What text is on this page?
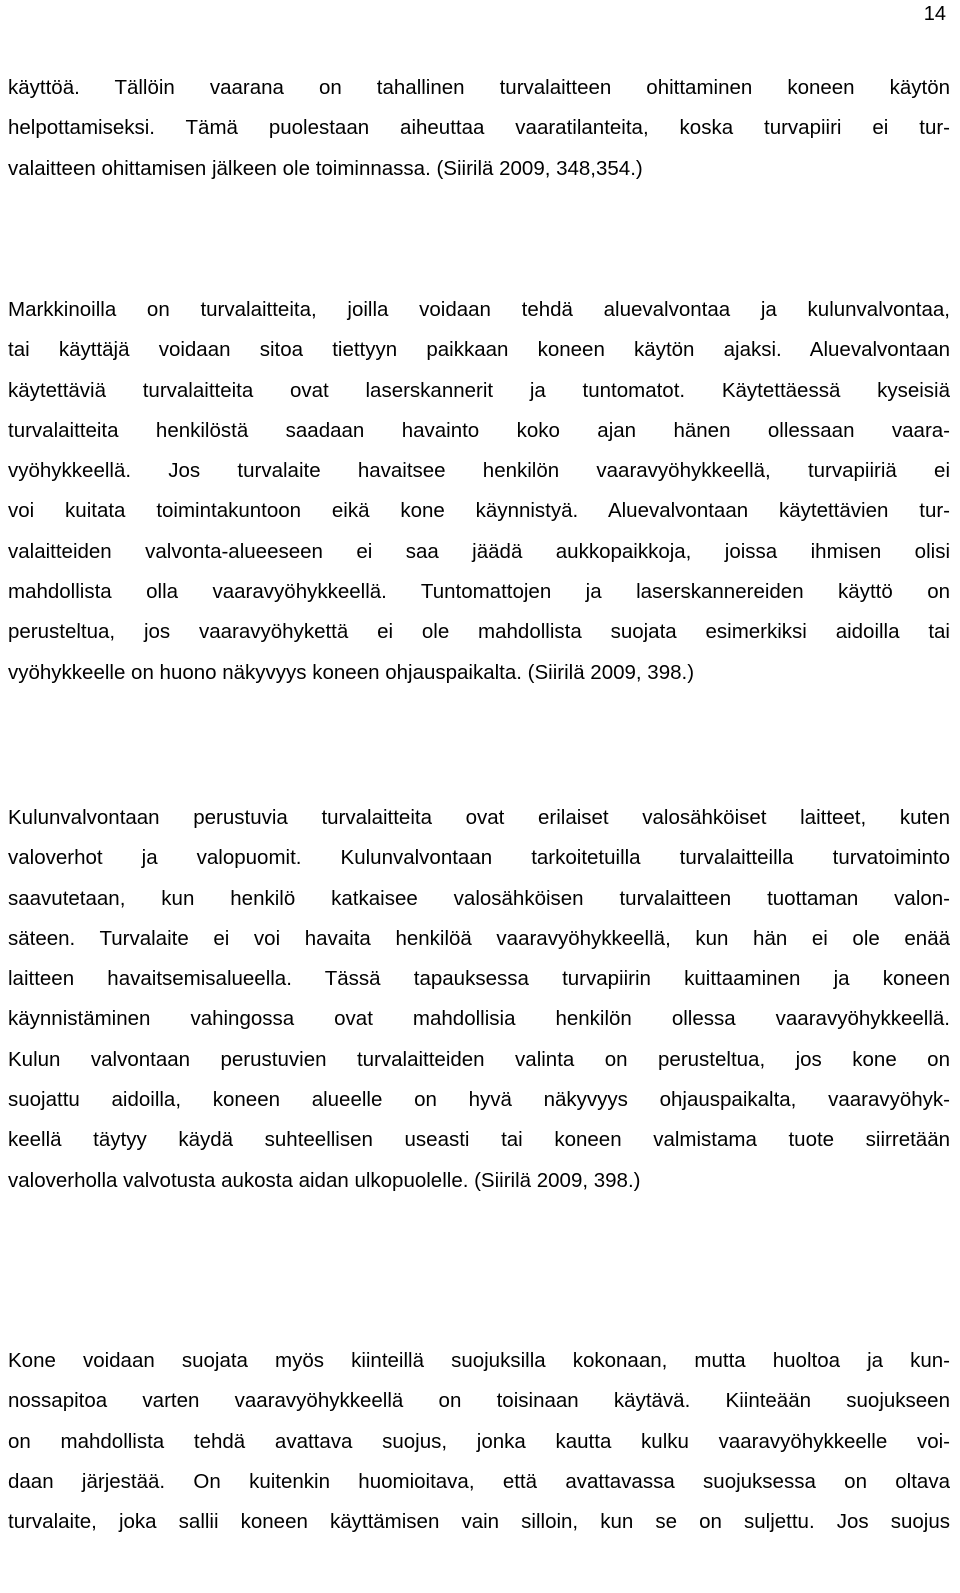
14
käyttöä. Tällöin vaarana on tahallinen turvalaitteen ohittaminen koneen käytön
helpottamiseksi. Tämä puolestaan aiheuttaa vaaratilanteita, koska turvapiiri ei tur-
valaitteen ohittamisen jälkeen ole toiminnassa. (Siirilä 2009, 348,354.)
Markkinoilla on turvalaitteita, joilla voidaan tehdä aluevalvontaa ja kulunvalvontaa,
tai käyttäjä voidaan sitoa tiettyyn paikkaan koneen käytön ajaksi. Aluevalvontaan
käytettäviä turvalaitteita ovat laserskannerit ja tuntomatot. Käytettäessä kyseisiä
turvalaitteita henkilöstä saadaan havainto koko ajan hänen ollessaan vaara-
vyöhykkeellä. Jos turvalaite havaitsee henkilön vaaravyöhykkeellä, turvapiiriä ei
voi kuitata toimintakuntoon eikä kone käynnistyä. Aluevalvontaan käytettävien tur-
valaitteiden valvonta-alueeseen ei saa jäädä aukkopaikkoja, joissa ihmisen olisi
mahdollista olla vaaravyöhykkeellä. Tuntomattojen ja laserskannereiden käyttö on
perusteltua, jos vaaravyöhykettä ei ole mahdollista suojata esimerkiksi aidoilla tai
vyöhykkeelle on huono näkyvyys koneen ohjauspaikalta. (Siirilä 2009, 398.)
Kulunvalvontaan perustuvia turvalaitteita ovat erilaiset valosähköiset laitteet, kuten
valoverhot ja valopuomit. Kulunvalvontaan tarkoitetuilla turvalaitteilla turvatoiminto
saavutetaan, kun henkilö katkaisee valosähköisen turvalaitteen tuottaman valon-
säteen. Turvalaite ei voi havaita henkilöä vaaravyöhykkeellä, kun hän ei ole enää
laitteen havaitsemisalueella. Tässä tapauksessa turvapiirin kuittaaminen ja koneen
käynnistäminen vahingossa ovat mahdollisia henkilön ollessa vaaravyöhykkeellä.
Kulun valvontaan perustuvien turvalaitteiden valinta on perusteltua, jos kone on
suojattu aidoilla, koneen alueelle on hyvä näkyvyys ohjauspaikalta, vaaravyöhyk-
keellä täytyy käydä suhteellisen useasti tai koneen valmistama tuote siirretään
valoverholla valvotusta aukosta aidan ulkopuolelle. (Siirilä 2009, 398.)
Kone voidaan suojata myös kiinteillä suojuksilla kokonaan, mutta huoltoa ja kun-
nossapitoa varten vaaravyöhykkeellä on toisinaan käytävä. Kiinteään suojukseen
on mahdollista tehdä avattava suojus, jonka kautta kulku vaaravyöhykkeelle voi-
daan järjestää. On kuitenkin huomioitava, että avattavassa suojuksessa on oltava
turvalaite, joka sallii koneen käyttämisen vain silloin, kun se on suljettu. Jos suojus
